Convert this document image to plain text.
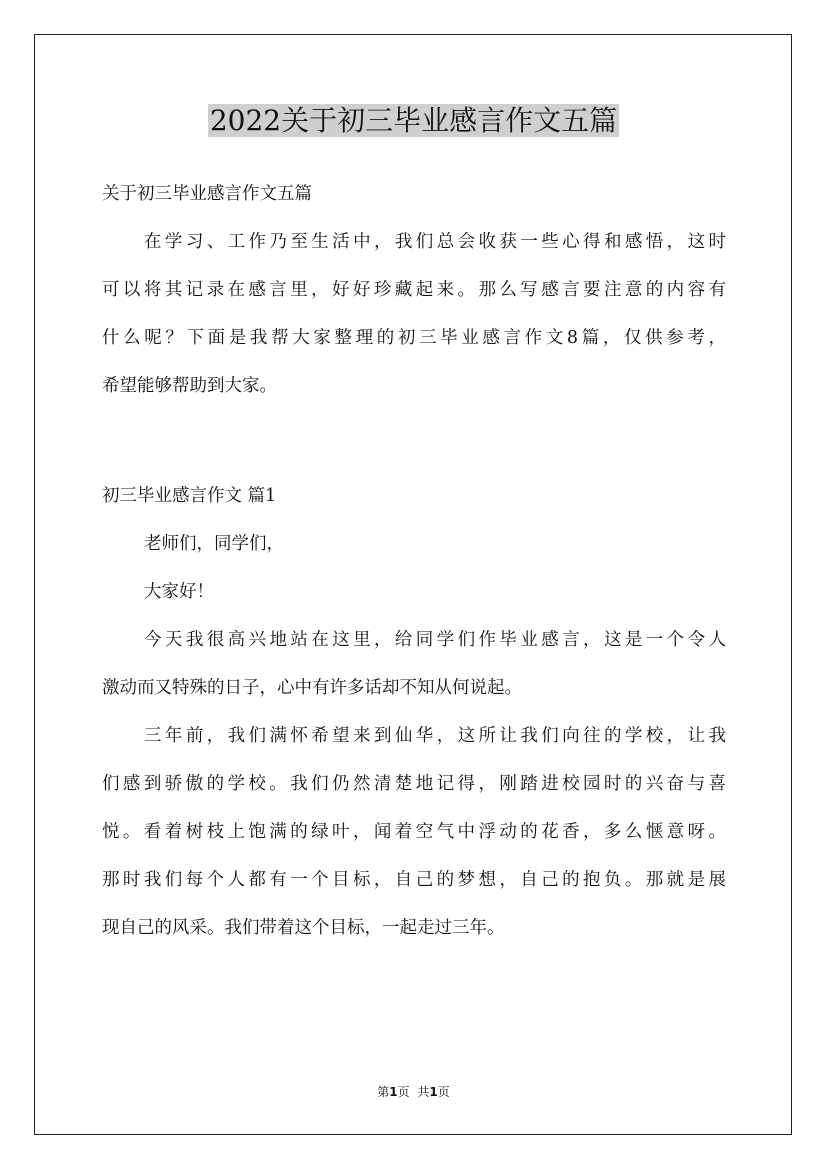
2022关于初三毕业感言作文五篇
关于初三毕业感言作文五篇
在学习、工作乃至生活中，我们总会收获一些心得和感悟，这时
可以将其记录在感言里，好好珍藏起来。那么写感言要注意的内容有
什么呢？下面是我帮大家整理的初三毕业感言作文8篇，仅供参考，
希望能够帮助到大家。
初三毕业感言作文 篇1
老师们，同学们，
大家好！
今天我很高兴地站在这里，给同学们作毕业感言，这是一个令人
激动而又特殊的日子，心中有许多话却不知从何说起。
三年前，我们满怀希望来到仙华，这所让我们向往的学校，让我
们感到骄傲的学校。我们仍然清楚地记得，刚踏进校园时的兴奋与喜
悦。看着树枝上饱满的绿叶，闻着空气中浮动的花香，多么惬意呀。
那时我们每个人都有一个目标，自己的梦想，自己的抱负。那就是展
现自己的风采。我们带着这个目标，一起走过三年。
第1页 共1页
